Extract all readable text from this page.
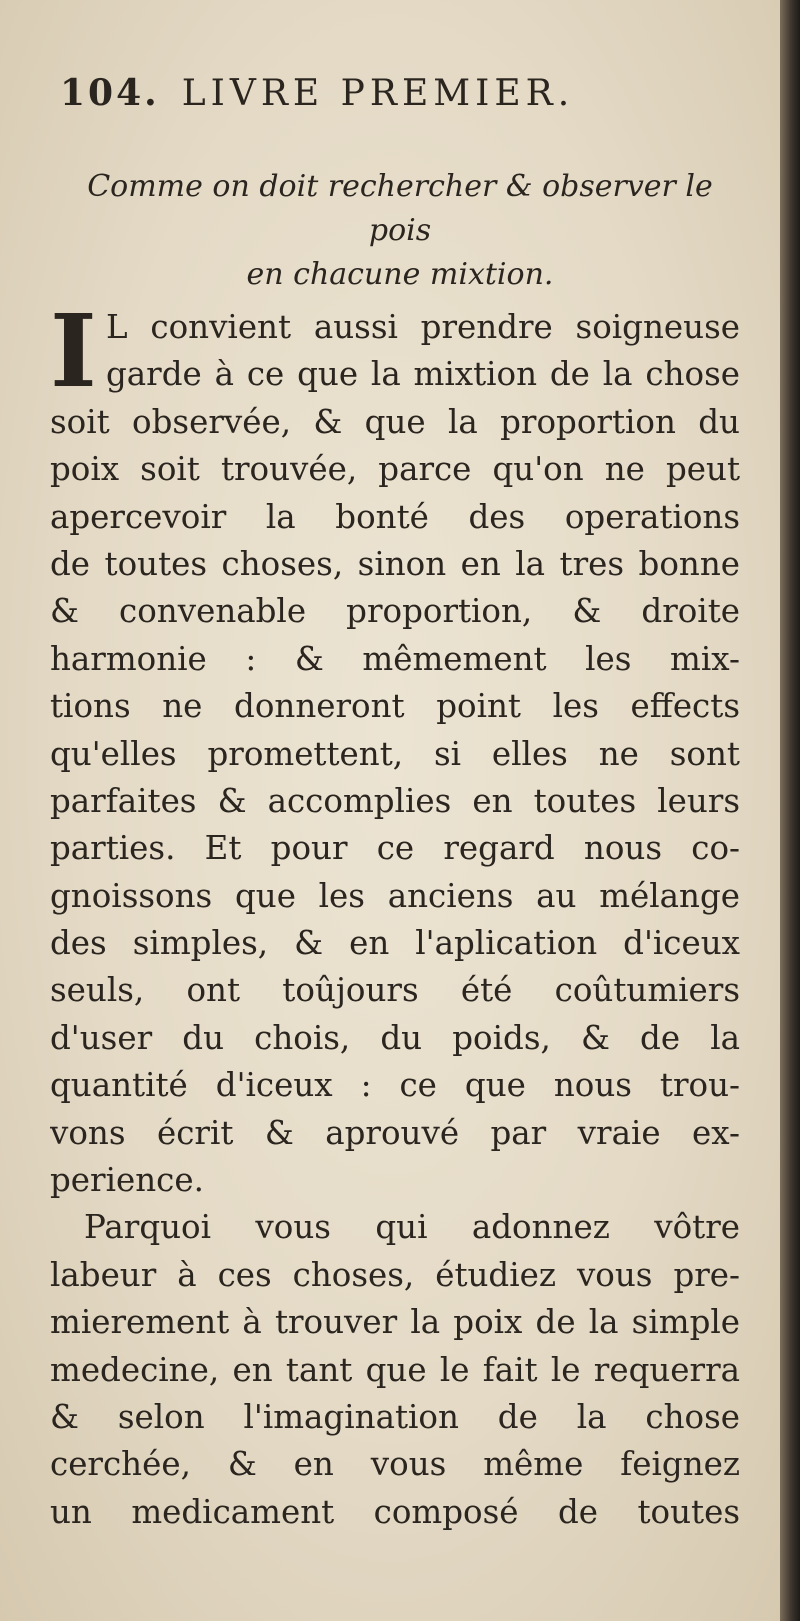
104. LIVRE PREMIER.
Comme on doit rechercher & observer le pois
en chacune mixtion.
I L convient aussi prendre soigneuse
garde à ce que la mixtion de la chose
soit observée, & que la proportion du
poix soit trouvée, parce qu'on ne peut
apercevoir la bonté des operations
de toutes choses, sinon en la tres bonne
& convenable proportion, & droite
harmonie : & mêmement les mix-
tions ne donneront point les effects
qu'elles promettent, si elles ne sont
parfaites & accomplies en toutes leurs
parties. Et pour ce regard nous co-
gnoissons que les anciens au mélange
des simples, & en l'aplication d'iceux
seuls, ont toûjours été coûtumiers
d'user du chois, du poids, & de la
quantité d'iceux : ce que nous trou-
vons écrit & aprouvé par vraie ex-
perience.
Parquoi vous qui adonnez vôtre
labeur à ces choses, étudiez vous pre-
mierement à trouver la poix de la simple
medecine, en tant que le fait le requerra
& selon l'imagination de la chose
cerchée, & en vous même feignez
un medicament composé de toutes
